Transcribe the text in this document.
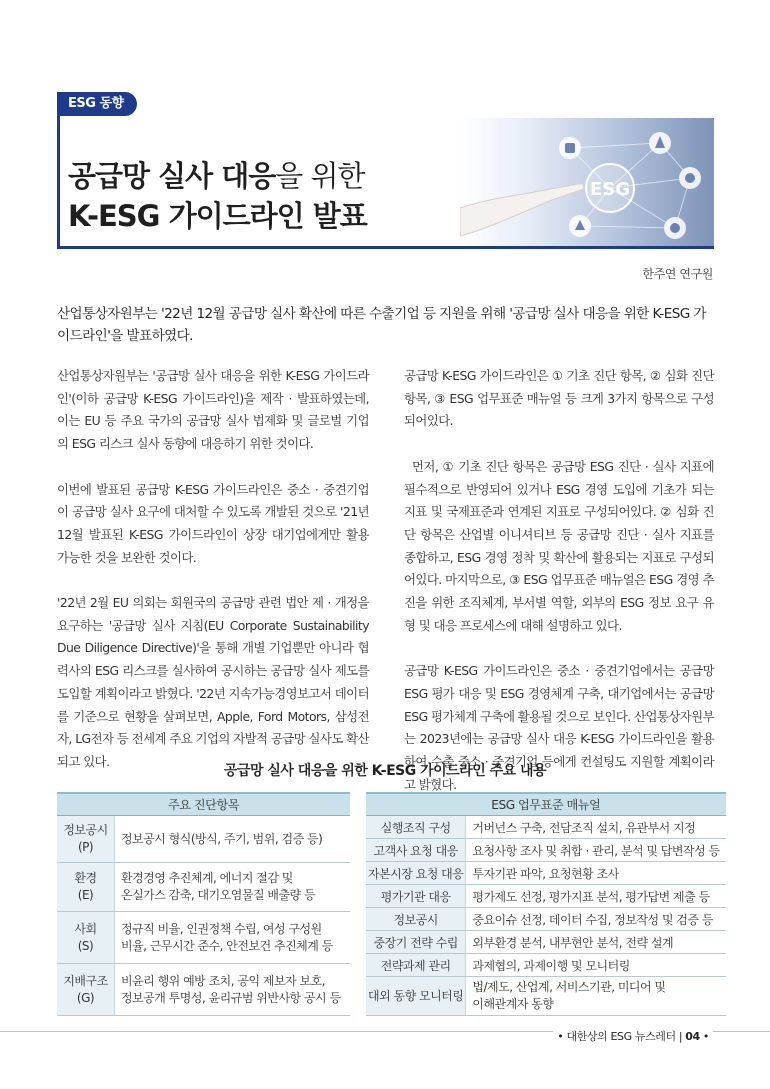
ESG 동향
ESG
공급망 실사 대응을 위한
K-ESG 가이드라인 발표
한주연 연구원
산업통상자원부는 '22년 12월 공급망 실사 확산에 따른 수출기업 등 지원을 위해 '공급망 실사 대응을 위한 K-ESG 가이드라인'을 발표하였다.

산업통상자원부는 '공급망 실사 대응을 위한 K-ESG 가이드라인'(이하 공급망 K-ESG 가이드라인)을 제작 · 발표하였는데, 이는 EU 등 주요 국가의 공급망 실사 법제화 및 글로벌 기업의 ESG 리스크 실사 동향에 대응하기 위한 것이다.

이번에 발표된 공급망 K-ESG 가이드라인은 중소 · 중견기업이 공급망 실사 요구에 대처할 수 있도록 개발된 것으로 '21년 12월 발표된 K-ESG 가이드라인이 상장 대기업에게만 활용 가능한 것을 보완한 것이다.

'22년 2월 EU 의회는 회원국의 공급망 관련 법안 제 · 개정을 요구하는 '공급망 실사 지침(EU Corporate Sustainability Due Diligence Directive)'을 통해 개별 기업뿐만 아니라 협력사의 ESG 리스크를 실사하여 공시하는 공급망 실사 제도를 도입할 계획이라고 밝혔다. '22년 지속가능경영보고서 데이터를 기준으로 현황을 살펴보면, Apple, Ford Motors, 삼성전자, LG전자 등 전세계 주요 기업의 자발적 공급망 실사도 확산되고 있다.

공급망 K-ESG 가이드라인은 ① 기초 진단 항목, ② 심화 진단 항목, ③ ESG 업무표준 매뉴얼 등 크게 3가지 항목으로 구성되어있다.

먼저, ① 기초 진단 항목은 공급망 ESG 진단 · 실사 지표에 필수적으로 반영되어 있거나 ESG 경영 도입에 기초가 되는 지표 및 국제표준과 연계된 지표로 구성되어있다. ② 심화 진단 항목은 산업별 이니셔티브 등 공급망 진단 · 실사 지표를 종합하고, ESG 경영 정착 및 확산에 활용되는 지표로 구성되어있다. 마지막으로, ③ ESG 업무표준 매뉴얼은 ESG 경영 추진을 위한 조직체계, 부서별 역할, 외부의 ESG 정보 요구 유형 및 대응 프로세스에 대해 설명하고 있다.

공급망 K-ESG 가이드라인은 중소 · 중견기업에서는 공급망 ESG 평가 대응 및 ESG 경영체계 구축, 대기업에서는 공급망 ESG 평가체계 구축에 활용될 것으로 보인다. 산업통상자원부는 2023년에는 공급망 실사 대응 K-ESG 가이드라인을 활용하여 수출 중소 · 중견기업 등에게 컨설팅도 지원할 계획이라고 밝혔다.

공급망 실사 대응을 위한 K-ESG 가이드라인 주요 내용
주요 진단항목	
정보공시
(P)	정보공시 형식(방식, 주기, 범위, 검증 등)
환경
(E)	환경경영 추진체계, 에너지 절감 및
온실가스 감축, 대기오염물질 배출량 등
사회
(S)	정규직 비율, 인권정책 수립, 여성 구성원
비율, 근무시간 준수, 안전보건 추진체계 등
지배구조
(G)	비윤리 행위 예방 조치, 공익 제보자 보호,
정보공개 투명성, 윤리규범 위반사항 공시 등
ESG 업무표준 매뉴얼	
실행조직 구성	거버넌스 구축, 전담조직 설치, 유관부서 지정
고객사 요청 대응	요청사항 조사 및 취합 · 관리, 분석 및 답변작성 등
자본시장 요청 대응	투자기관 파악, 요청현황 조사
평가기관 대응	평가제도 선정, 평가지표 분석, 평가답변 제출 등
정보공시	중요이슈 선정, 데이터 수집, 정보작성 및 검증 등
중장기 전략 수립	외부환경 분석, 내부현안 분석, 전략 설계
전략과제 관리	과제협의, 과제이행 및 모니터링
대외 동향 모니터링	법/제도, 산업계, 서비스기관, 미디어 및
이해관계자 동향
• 대한상의 ESG 뉴스레터 | 04 •
